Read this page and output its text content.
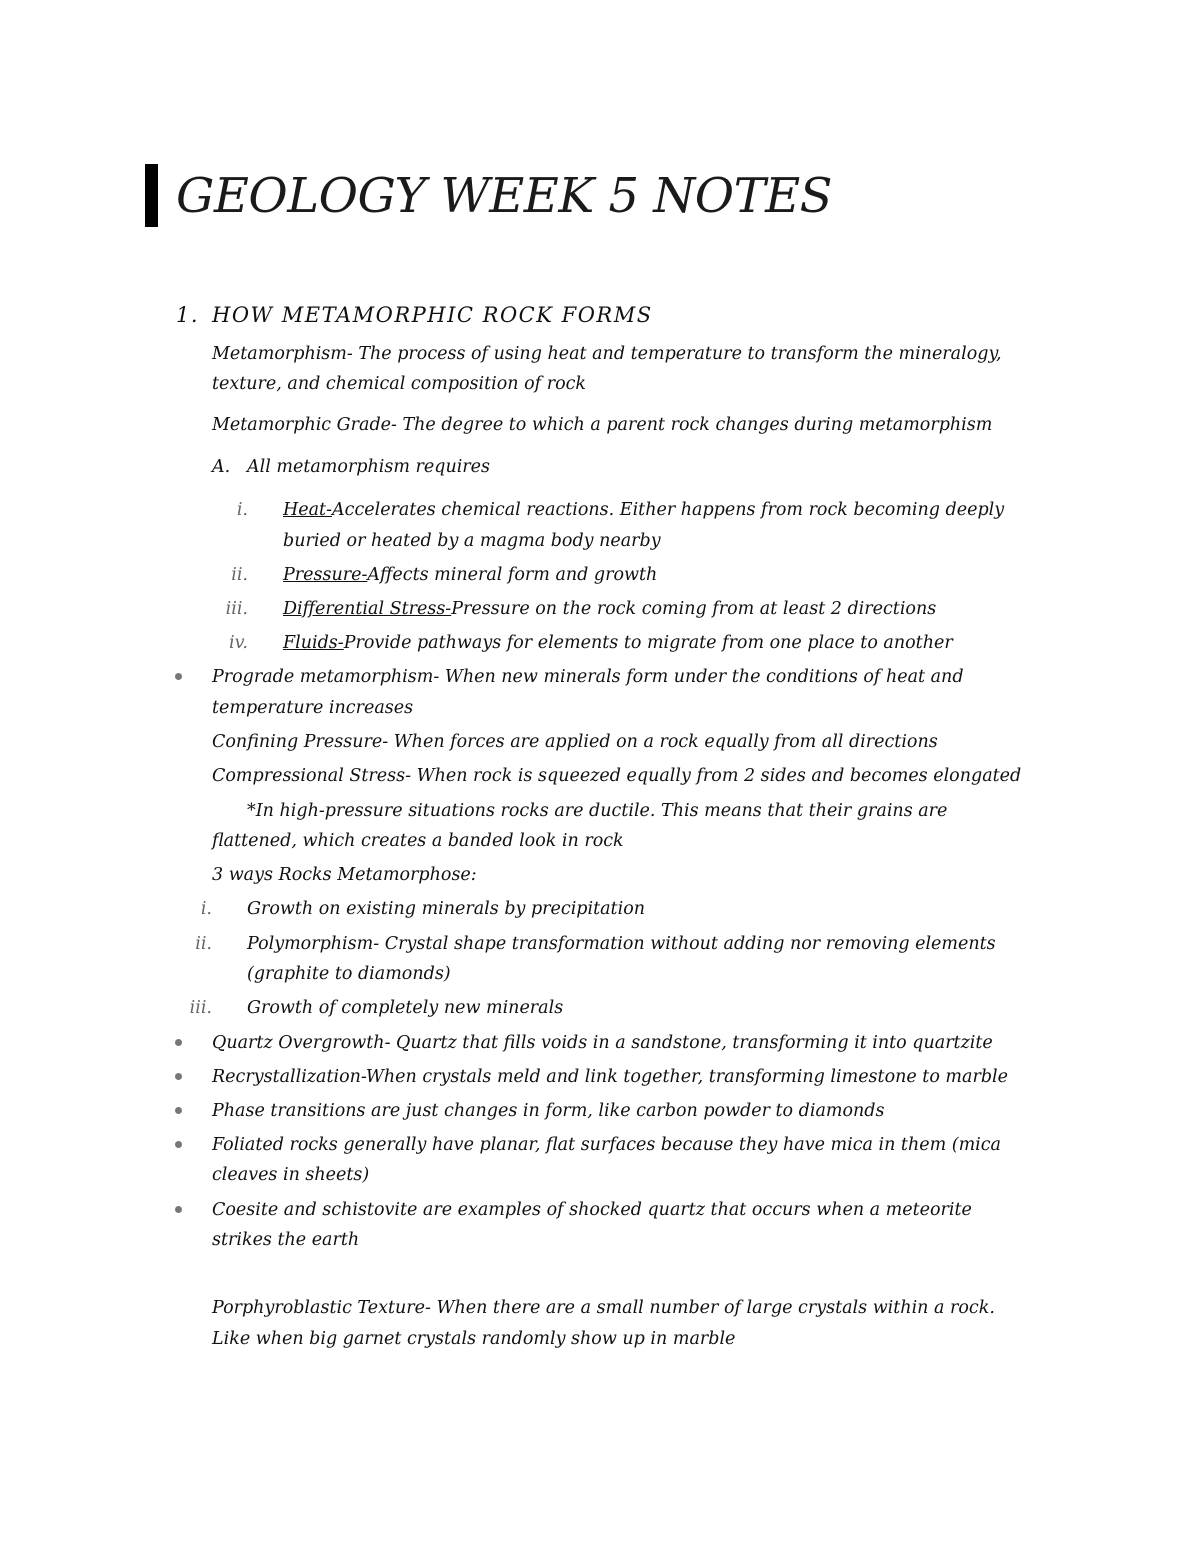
GEOLOGY WEEK 5 NOTES
1. HOW METAMORPHIC ROCK FORMS
Metamorphism- The process of using heat and temperature to transform the mineralogy,
texture, and chemical composition of rock
Metamorphic Grade- The degree to which a parent rock changes during metamorphism
A. All metamorphism requires
i. Heat-Accelerates chemical reactions. Either happens from rock becoming deeply
buried or heated by a magma body nearby
ii. Pressure-Affects mineral form and growth
iii. Differential Stress-Pressure on the rock coming from at least 2 directions
iv. Fluids-Provide pathways for elements to migrate from one place to another
Prograde metamorphism- When new minerals form under the conditions of heat and
temperature increases
Confining Pressure- When forces are applied on a rock equally from all directions
Compressional Stress- When rock is squeezed equally from 2 sides and becomes elongated
*In high-pressure situations rocks are ductile. This means that their grains are
flattened, which creates a banded look in rock
3 ways Rocks Metamorphose:
i. Growth on existing minerals by precipitation
ii. Polymorphism- Crystal shape transformation without adding nor removing elements
(graphite to diamonds)
iii. Growth of completely new minerals
Quartz Overgrowth- Quartz that fills voids in a sandstone, transforming it into quartzite
Recrystallization-When crystals meld and link together, transforming limestone to marble
Phase transitions are just changes in form, like carbon powder to diamonds
Foliated rocks generally have planar, flat surfaces because they have mica in them (mica
cleaves in sheets)
Coesite and schistovite are examples of shocked quartz that occurs when a meteorite
strikes the earth
Porphyroblastic Texture- When there are a small number of large crystals within a rock.
Like when big garnet crystals randomly show up in marble
